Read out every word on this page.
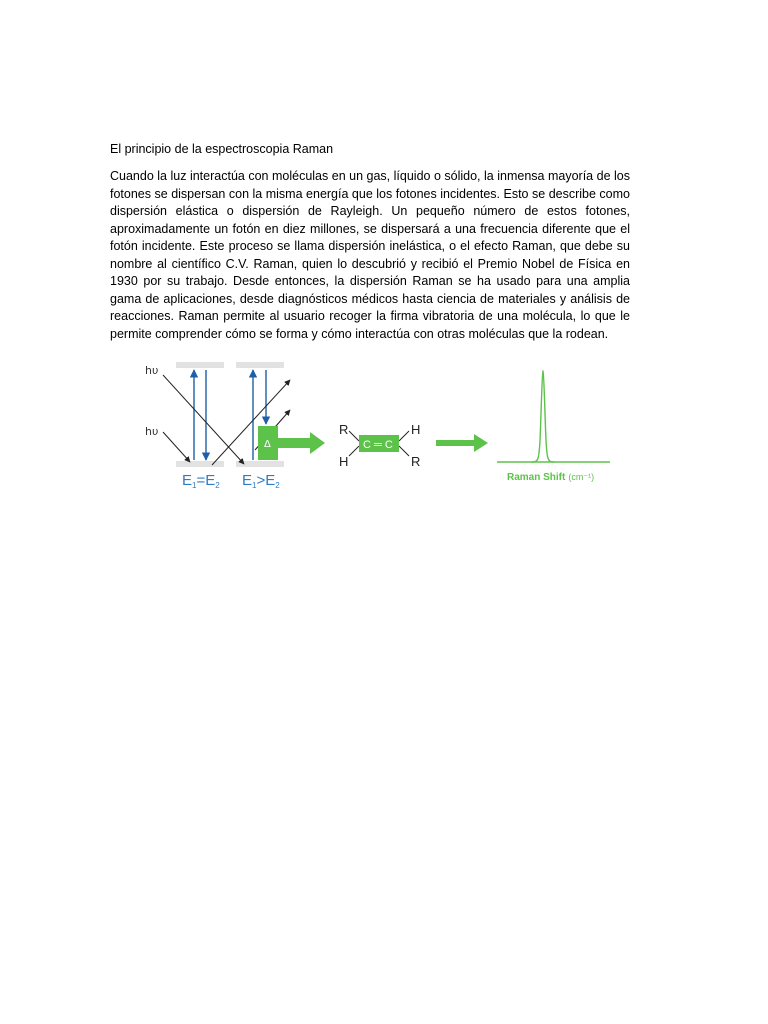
El principio de la espectroscopia Raman

Cuando la luz interactúa con moléculas en un gas, líquido o sólido, la inmensa mayoría de los fotones se dispersan con la misma energía que los fotones incidentes. Esto se describe como dispersión elástica o dispersión de Rayleigh. Un pequeño número de estos fotones, aproximadamente un fotón en diez millones, se dispersará a una frecuencia diferente que el fotón incidente. Este proceso se llama dispersión inelástica, o el efecto Raman, que debe su nombre al científico C.V. Raman, quien lo descubrió y recibió el Premio Nobel de Física en 1930 por su trabajo. Desde entonces, la dispersión Raman se ha usado para una amplia gama de aplicaciones, desde diagnósticos médicos hasta ciencia de materiales y análisis de reacciones. Raman permite al usuario recoger la firma vibratoria de una molécula, lo que le permite comprender cómo se forma y cómo interactúa con otras moléculas que la rodean.

hυ
hυ
$E_1=E_2$ $E_1>E_2$
Δ
R
H
H
R
C ═ C
Raman Shift (cm⁻¹)
